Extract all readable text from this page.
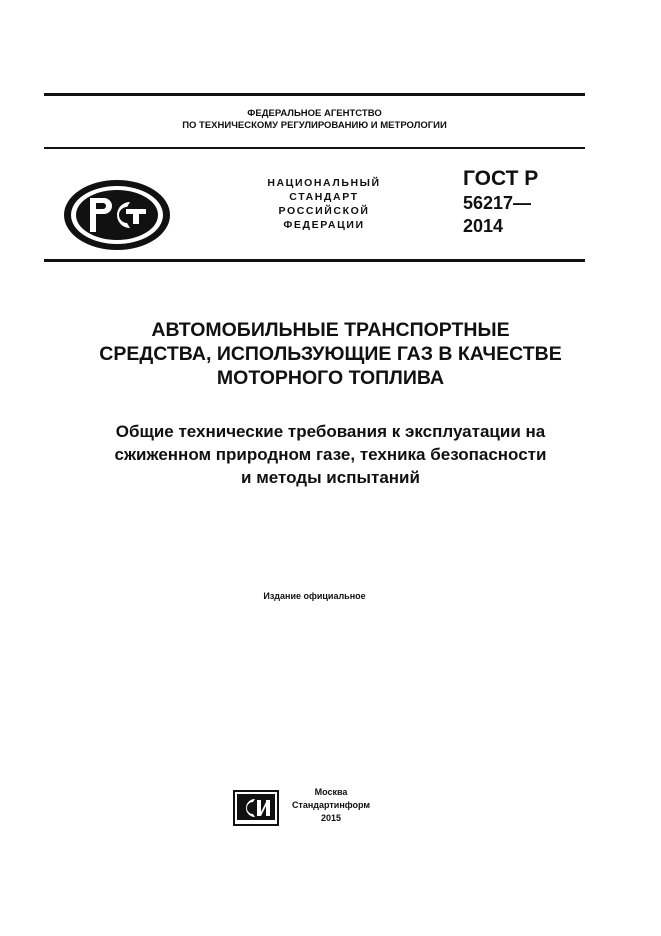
ФЕДЕРАЛЬНОЕ АГЕНТСТВО
ПО ТЕХНИЧЕСКОМУ РЕГУЛИРОВАНИЮ И МЕТРОЛОГИИ
НАЦИОНАЛЬНЫЙ
СТАНДАРТ
РОССИЙСКОЙ
ФЕДЕРАЦИИ
ГОСТ Р
56217—
2014
АВТОМОБИЛЬНЫЕ ТРАНСПОРТНЫЕ
СРЕДСТВА, ИСПОЛЬЗУЮЩИЕ ГАЗ В КАЧЕСТВЕ
МОТОРНОГО ТОПЛИВА
Общие технические требования к эксплуатации на
сжиженном природном газе, техника безопасности
и методы испытаний
Издание официальное
Москва
Стандартинформ
2015
